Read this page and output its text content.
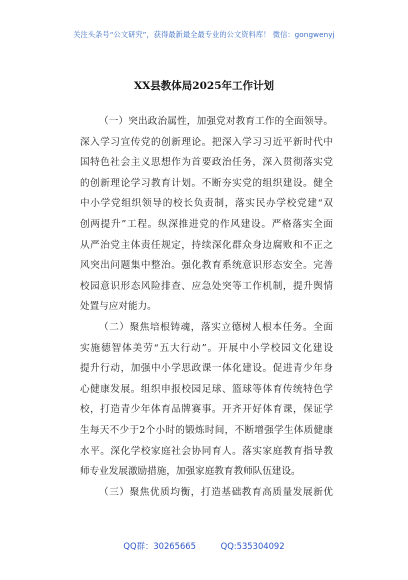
关注头条号“公文研究”，获得最新最全最专业的公文资料库！ 微信：gongwenyj
XX县教体局2025年工作计划
（一）突出政治属性，加强党对教育工作的全面领导。
深入学习宣传党的创新理论。把深入学习习近平新时代中
国特色社会主义思想作为首要政治任务，深入贯彻落实党
的创新理论学习教育计划。不断夯实党的组织建设。健全
中小学党组织领导的校长负责制，落实民办学校党建“双
创两提升”工程。纵深推进党的作风建设。严格落实全面
从严治党主体责任规定，持续深化群众身边腐败和不正之
风突出问题集中整治。强化教育系统意识形态安全。完善
校园意识形态风险排查、应急处突等工作机制，提升舆情
处置与应对能力。
（二）聚焦培根铸魂，落实立德树人根本任务。全面
实施德智体美劳“五大行动”。开展中小学校园文化建设
提升行动，加强中小学思政课一体化建设。促进青少年身
心健康发展。组织申报校园足球、篮球等体育传统特色学
校，打造青少年体育品牌赛事。开齐开好体育课，保证学
生每天不少于2个小时的锻炼时间，不断增强学生体质健康
水平。深化学校家庭社会协同育人。落实家庭教育指导教
师专业发展激励措施，加强家庭教育教师队伍建设。
（三）聚焦优质均衡，打造基础教育高质量发展新优
QQ群：30265665	QQ:535304092
